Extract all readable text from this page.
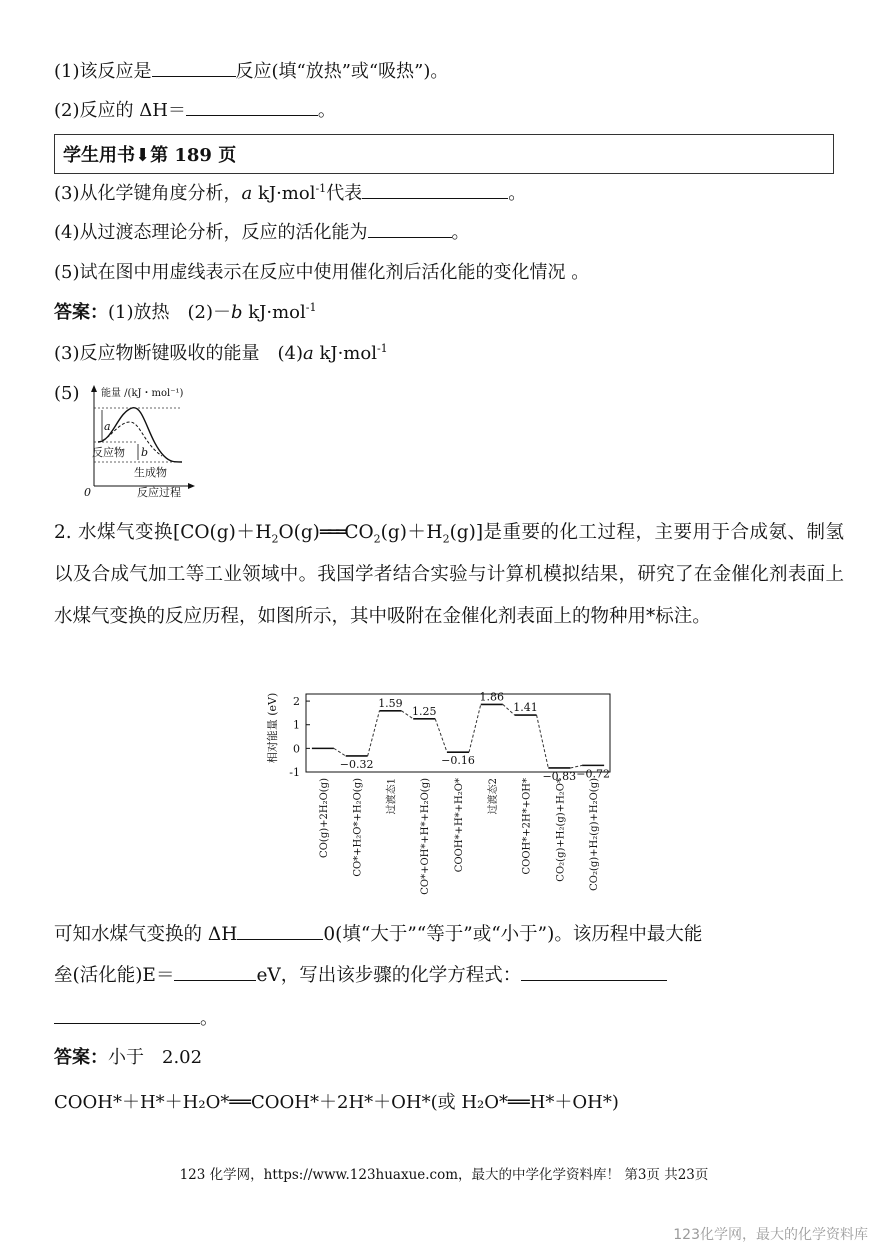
(1)该反应是	反应(填“放热”或“吸热”)。
(2)反应的 ΔH＝	。
学生用书⬇第 189 页
(3)从化学键角度分析，a kJ·mol$^{-1}$代表	。
(4)从过渡态理论分析，反应的活化能为	。
(5)试在图中用虚线表示在反应中使用催化剂后活化能的变化情况 。
答案：(1)放热　(2)－b kJ·mol$^{-1}$
(3)反应物断键吸收的能量　(4)a kJ·mol$^{-1}$
(5) 能量 /(kJ・mol⁻¹)
a
b
反应物
生成物
0	反应过程
2. 水煤气变换$[CO(g)+H_2O(g)═══CO_2(g)+H_2(g)]$是重要的化工过程，主要用于合成氨、制氢以及合成气加工等工业领域中。我国学者结合实验与计算机模拟结果，研究了在金催化剂表面上水煤气变换的反应历程，如图所示，其中吸附在金催化剂表面上的物种用*标注。
相对能量 (eV) 2
1
0
-1
−0.32
1.59
1.25
−0.16
1.86
1.41
−0.83 −0.72
CO(g)+2H₂O(g) CO*+H₂O*+H₂O(g) 过渡态1 CO*+OH*+H*+H₂O(g) COOH*+H*+H₂O* 过渡态2 COOH*+2H*+OH* CO₂(g)+H₂(g)+H₂O* CO₂(g)+H₂(g)+H₂O(g)
可知水煤气变换的 ΔH	0(填“大于”“等于”或“小于”)。该历程中最大能
垒(活化能)E＝	eV，写出该步骤的化学方程式：
。
答案：小于　2.02
COOH*＋H*＋H₂O*══COOH*＋2H*＋OH*(或 H₂O*══H*＋OH*)
123 化学网，https://www.123huaxue.com，最大的中学化学资料库！ 第3页 共23页
123化学网，最大的化学资料库
